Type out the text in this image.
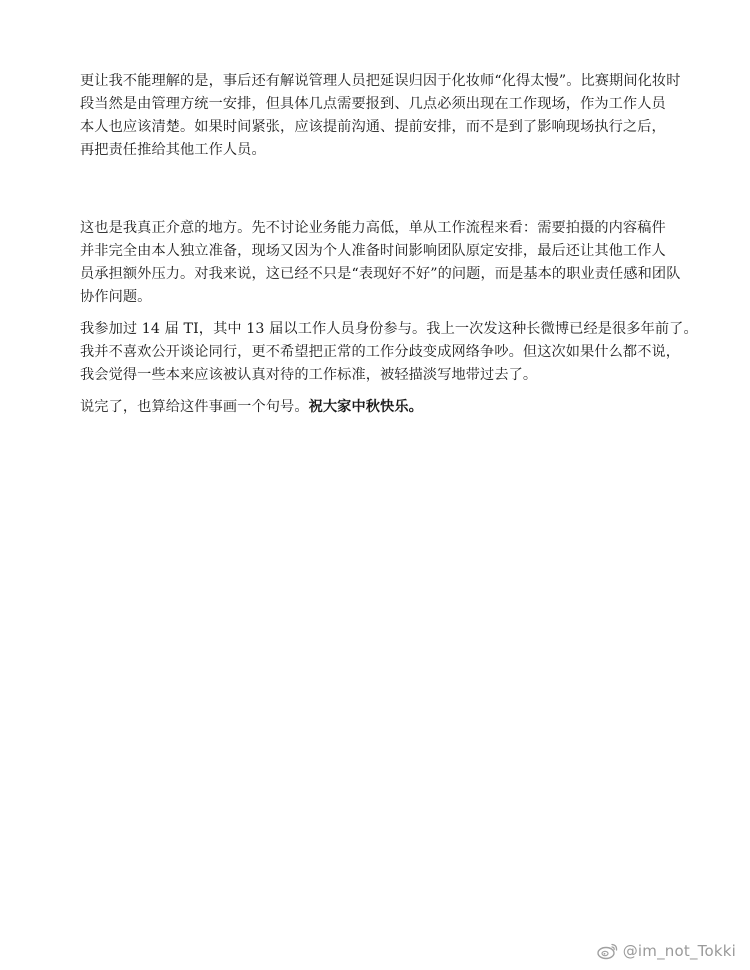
更让我不能理解的是，事后还有解说管理人员把延误归因于化妆师“化得太慢”。比赛期间化妆时
段当然是由管理方统一安排，但具体几点需要报到、几点必须出现在工作现场，作为工作人员
本人也应该清楚。如果时间紧张，应该提前沟通、提前安排，而不是到了影响现场执行之后，
再把责任推给其他工作人员。

这也是我真正介意的地方。先不讨论业务能力高低，单从工作流程来看：需要拍摄的内容稿件
并非完全由本人独立准备，现场又因为个人准备时间影响团队原定安排，最后还让其他工作人
员承担额外压力。对我来说，这已经不只是“表现好不好”的问题，而是基本的职业责任感和团队
协作问题。

我参加过 14 届 TI，其中 13 届以工作人员身份参与。我上一次发这种长微博已经是很多年前了。
我并不喜欢公开谈论同行，更不希望把正常的工作分歧变成网络争吵。但这次如果什么都不说，
我会觉得一些本来应该被认真对待的工作标准，被轻描淡写地带过去了。

说完了，也算给这件事画一个句号。祝大家中秋快乐。

@im_not_Tokki
